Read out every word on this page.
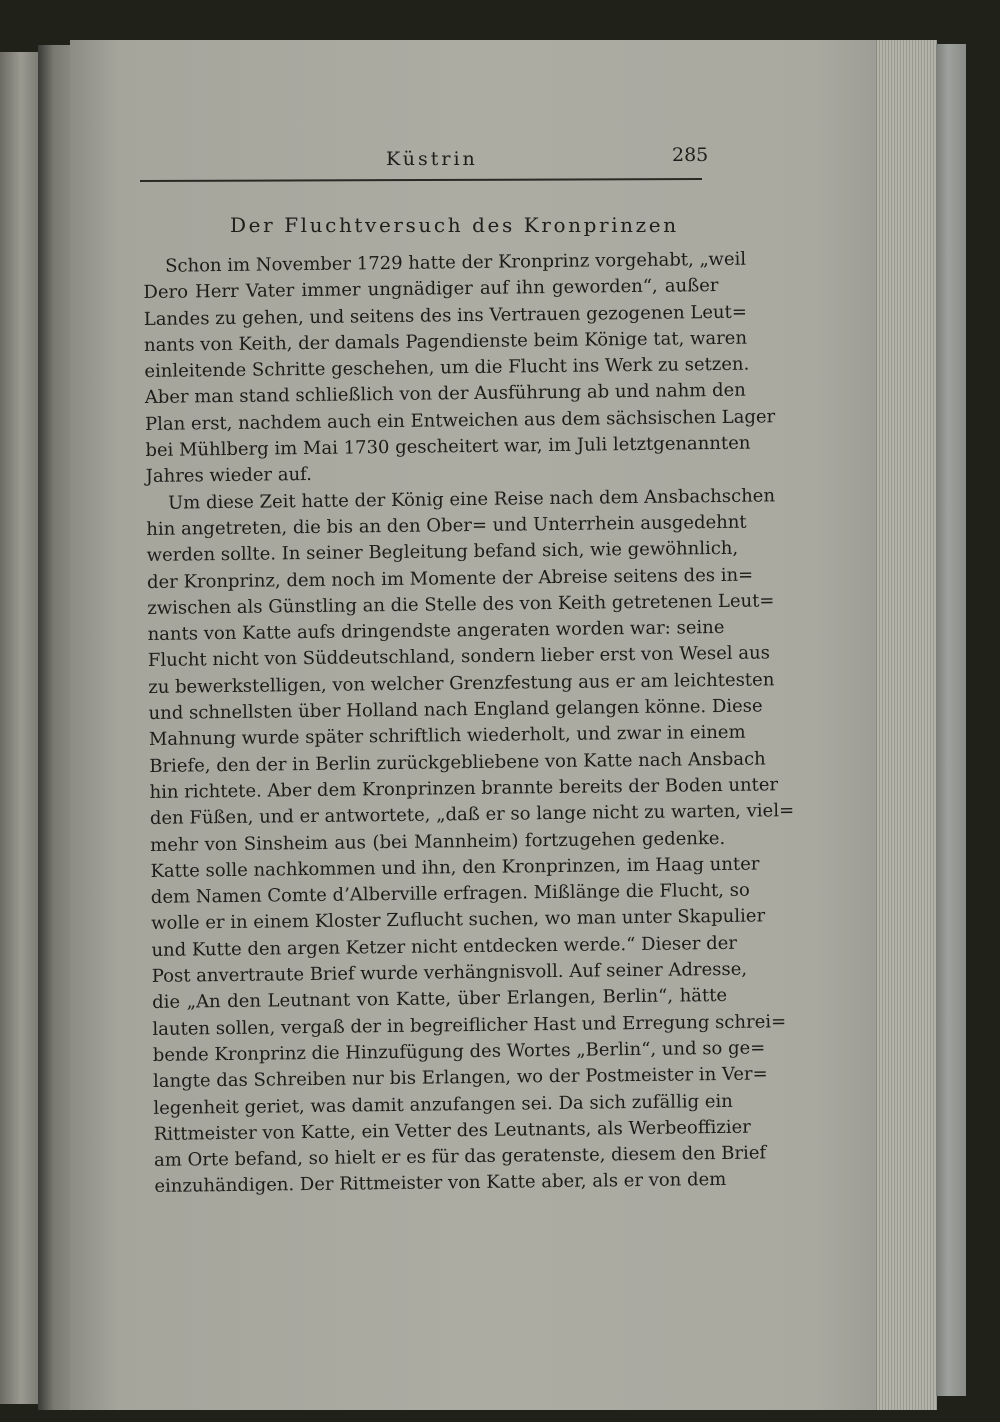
Küstrin	285
Der Fluchtversuch des Kronprinzen
Schon im November 1729 hatte der Kronprinz vorgehabt, „weil
Dero Herr Vater immer ungnädiger auf ihn geworden“, außer
Landes zu gehen, und seitens des ins Vertrauen gezogenen Leut=
nants von Keith, der damals Pagendienste beim Könige tat, waren
einleitende Schritte geschehen, um die Flucht ins Werk zu setzen.
Aber man stand schließlich von der Ausführung ab und nahm den
Plan erst, nachdem auch ein Entweichen aus dem sächsischen Lager
bei Mühlberg im Mai 1730 gescheitert war, im Juli letztgenannten
Jahres wieder auf.
Um diese Zeit hatte der König eine Reise nach dem Ansbachschen
hin angetreten, die bis an den Ober= und Unterrhein ausgedehnt
werden sollte. In seiner Begleitung befand sich, wie gewöhnlich,
der Kronprinz, dem noch im Momente der Abreise seitens des in=
zwischen als Günstling an die Stelle des von Keith getretenen Leut=
nants von Katte aufs dringendste angeraten worden war: seine
Flucht nicht von Süddeutschland, sondern lieber erst von Wesel aus
zu bewerkstelligen, von welcher Grenzfestung aus er am leichtesten
und schnellsten über Holland nach England gelangen könne. Diese
Mahnung wurde später schriftlich wiederholt, und zwar in einem
Briefe, den der in Berlin zurückgebliebene von Katte nach Ansbach
hin richtete. Aber dem Kronprinzen brannte bereits der Boden unter
den Füßen, und er antwortete, „daß er so lange nicht zu warten, viel=
mehr von Sinsheim aus (bei Mannheim) fortzugehen gedenke.
Katte solle nachkommen und ihn, den Kronprinzen, im Haag unter
dem Namen Comte d’Alberville erfragen. Mißlänge die Flucht, so
wolle er in einem Kloster Zuflucht suchen, wo man unter Skapulier
und Kutte den argen Ketzer nicht entdecken werde.“ Dieser der
Post anvertraute Brief wurde verhängnisvoll. Auf seiner Adresse,
die „An den Leutnant von Katte, über Erlangen, Berlin“, hätte
lauten sollen, vergaß der in begreiflicher Hast und Erregung schrei=
bende Kronprinz die Hinzufügung des Wortes „Berlin“, und so ge=
langte das Schreiben nur bis Erlangen, wo der Postmeister in Ver=
legenheit geriet, was damit anzufangen sei. Da sich zufällig ein
Rittmeister von Katte, ein Vetter des Leutnants, als Werbeoffizier
am Orte befand, so hielt er es für das geratenste, diesem den Brief
einzuhändigen. Der Rittmeister von Katte aber, als er von dem
